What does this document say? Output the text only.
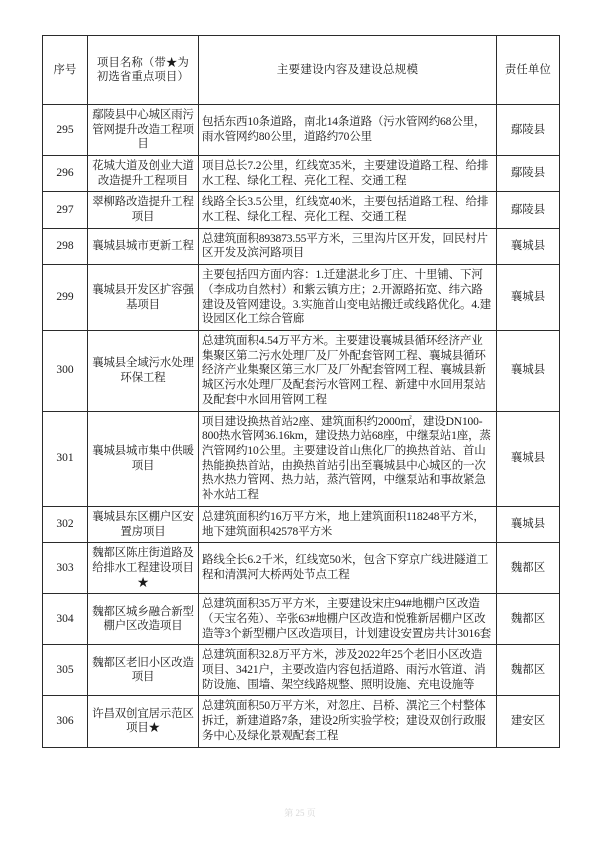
序号	项目名称（带★为初选省重点项目）	主要建设内容及建设总规模	责任单位
295	鄢陵县中心城区雨污管网提升改造工程项目	包括东西10条道路，南北14条道路（污水管网约68公里，雨水管网约80公里，道路约70公里	鄢陵县
296	花城大道及创业大道改造提升工程项目	项目总长7.2公里，红线宽35米，主要建设道路工程、给排水工程、绿化工程、亮化工程、交通工程	鄢陵县
297	翠柳路改造提升工程项目	线路全长3.5公里，红线宽40米，主要包括道路工程、给排水工程、绿化工程、亮化工程、交通工程	鄢陵县
298	襄城县城市更新工程	总建筑面积893873.55平方米，三里沟片区开发，回民村片区开发及滨河路项目	襄城县
299	襄城县开发区扩容强基项目	主要包括四方面内容：1.迁建湛北乡丁庄、十里铺、下河（李成功自然村）和紫云镇方庄；2.开源路拓宽、纬六路建设及管网建设。3.实施首山变电站搬迁或线路优化。4.建设园区化工综合管廊	襄城县
300	襄城县全域污水处理环保工程	总建筑面积4.54万平方米。主要建设襄城县循环经济产业集聚区第二污水处理厂及厂外配套管网工程、襄城县循环经济产业集聚区第三水厂及厂外配套管网工程、襄城县新城区污水处理厂及配套污水管网工程、新建中水回用泵站及配套中水回用管网工程	襄城县
301	襄城县城市集中供暖项目	项目建设换热首站2座、建筑面积约2000㎡，建设DN100-800热水管网36.16km，建设热力站68座，中继泵站1座，蒸汽管网约10公里。主要建设首山焦化厂的换热首站、首山热能换热首站，由换热首站引出至襄城县中心城区的一次热水热力管网、热力站，蒸汽管网，中继泵站和事故紧急补水站工程	襄城县
302	襄城县东区棚户区安置房项目	总建筑面积约16万平方米，地上建筑面积118248平方米，地下建筑面积42578平方米	襄城县
303	魏都区陈庄街道路及给排水工程建设项目★	路线全长6.2千米，红线宽50米，包含下穿京广线进隧道工程和清潩河大桥两处节点工程	魏都区
304	魏都区城乡融合新型棚户区改造项目	总建筑面积35万平方米，主要建设宋庄94#地棚户区改造（天宝名苑）、辛张63#地棚户区改造和悦雅新居棚户区改造等3个新型棚户区改造项目，计划建设安置房共计3016套	魏都区
305	魏都区老旧小区改造项目	总建筑面积32.8万平方米，涉及2022年25个老旧小区改造项目、3421户，主要改造内容包括道路、雨污水管道、消防设施、围墙、架空线路规整、照明设施、充电设施等	魏都区
306	许昌双创宜居示范区项目★	总建筑面积50万平方米，对忽庄、吕桥、潩沱三个村整体拆迁，新建道路7条，建设2所实验学校；建设双创行政服务中心及绿化景观配套工程	建安区
第 25 页
